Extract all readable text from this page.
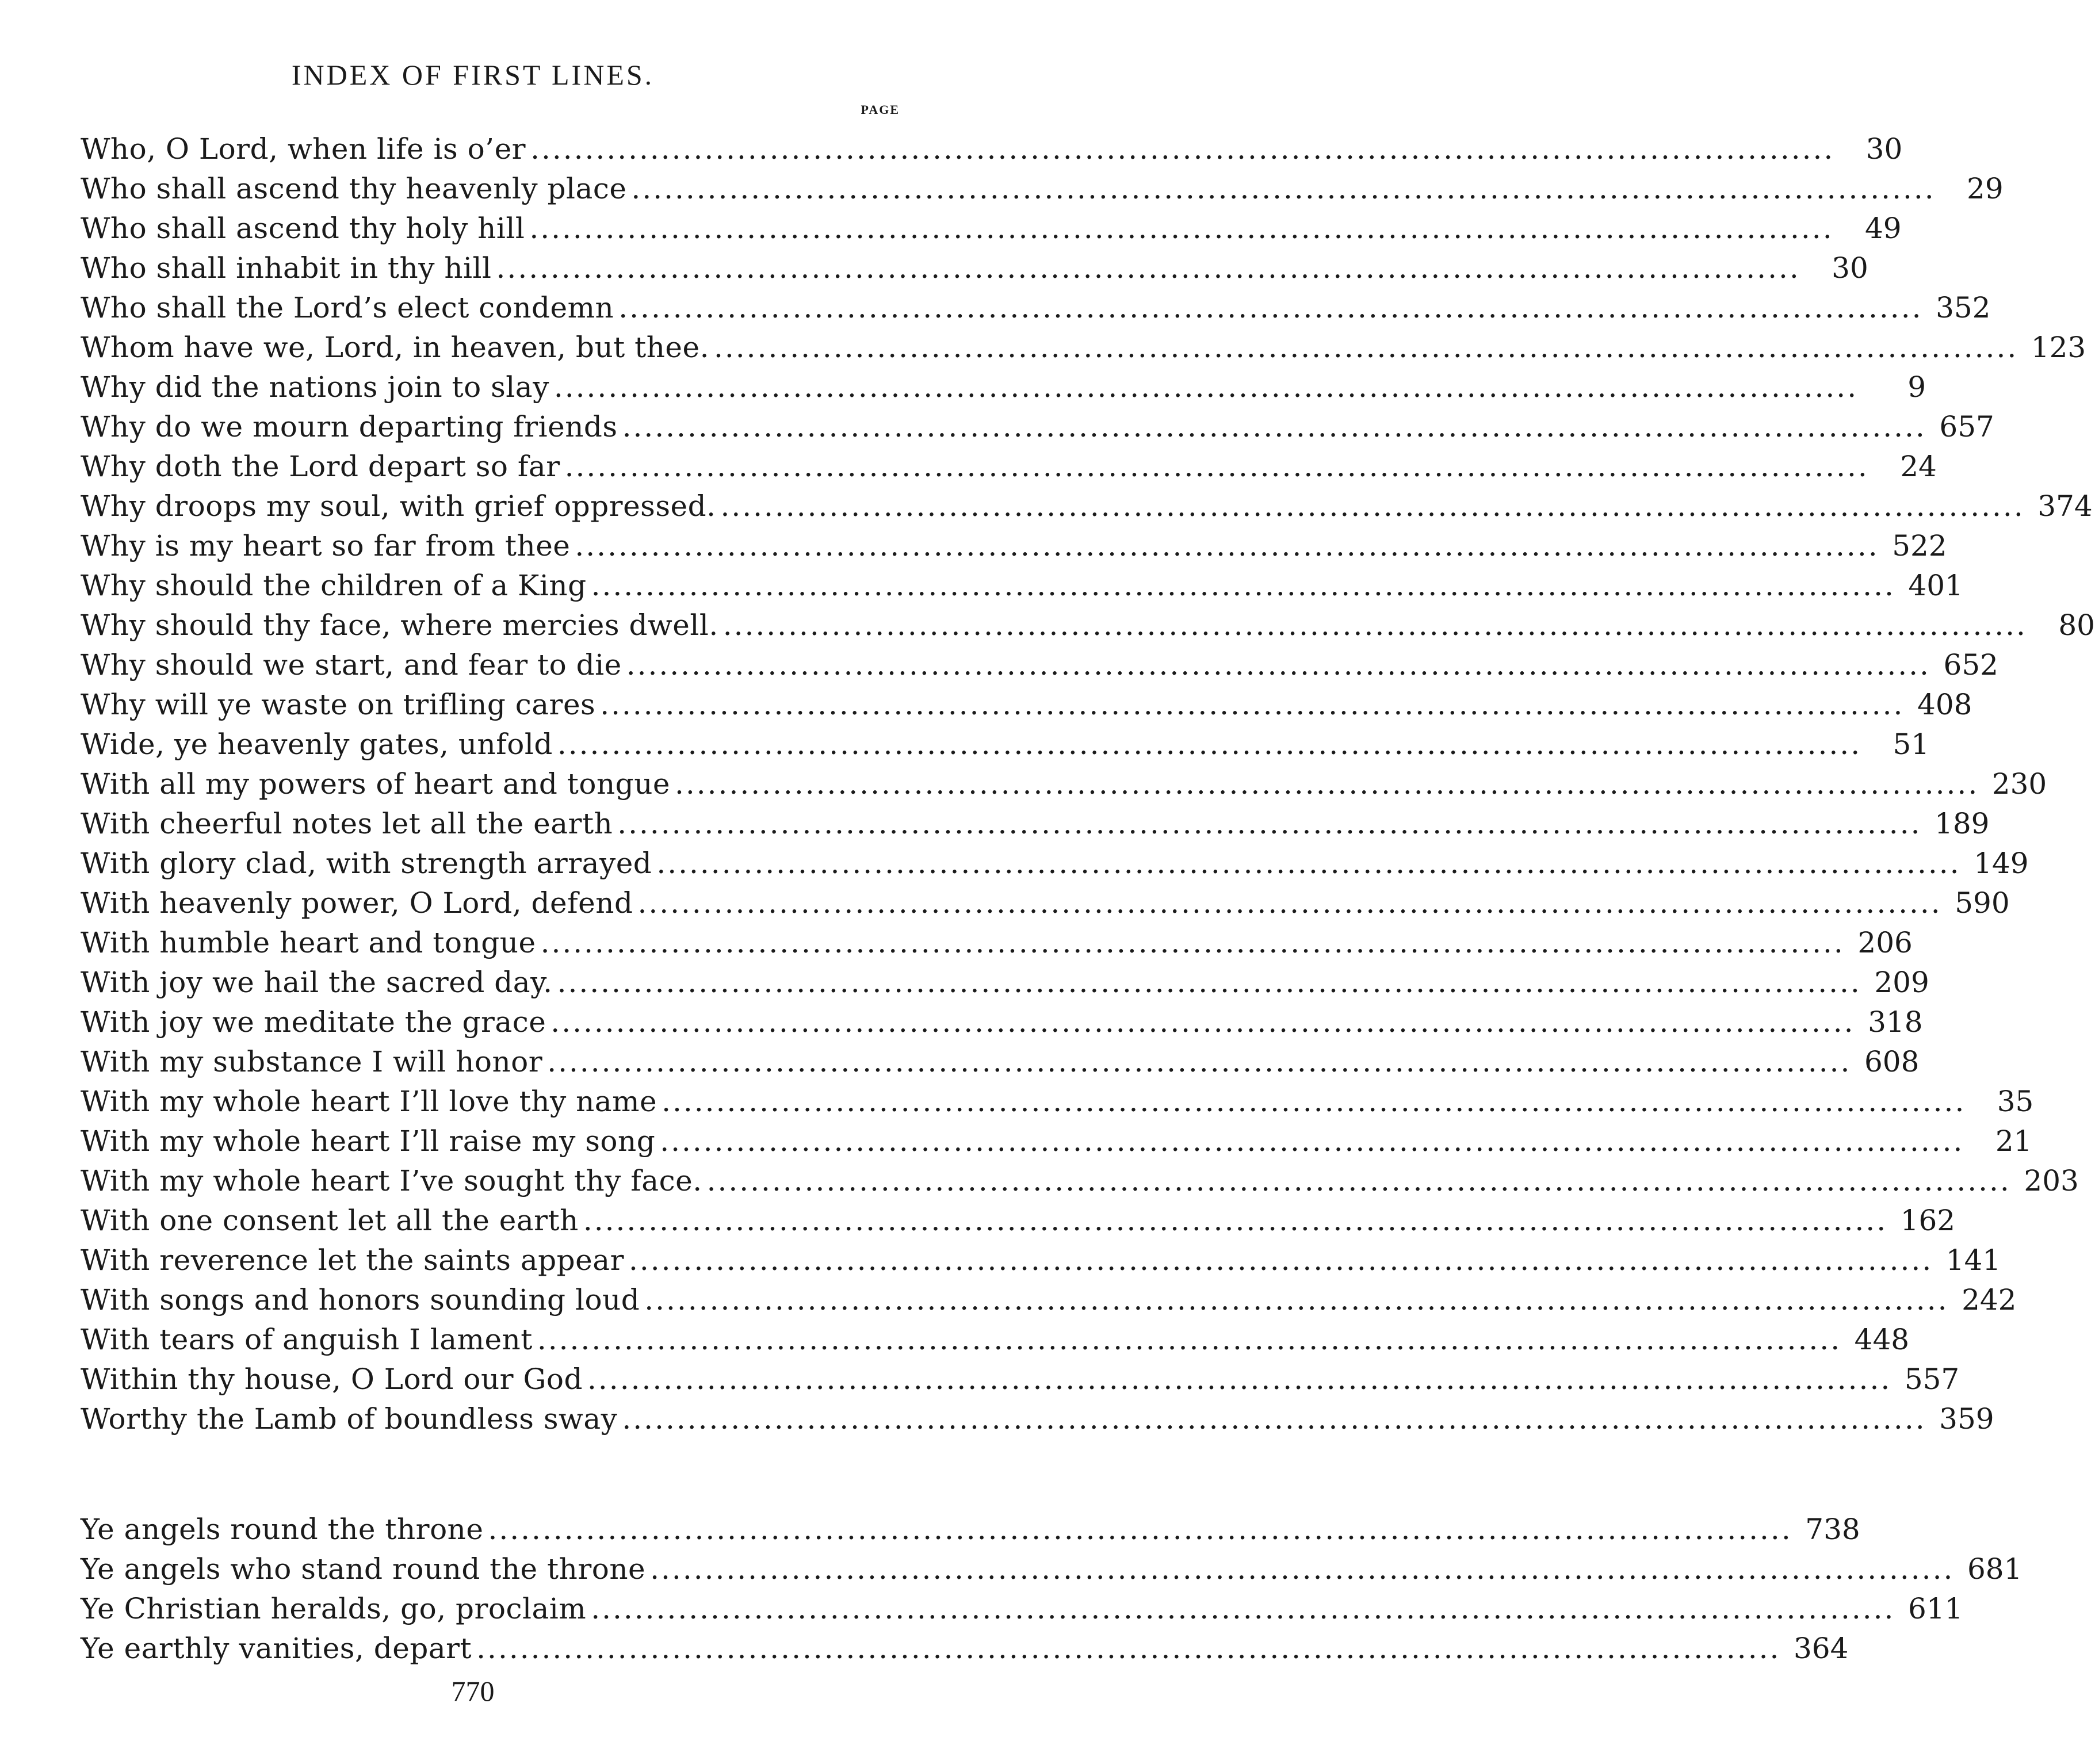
INDEX OF FIRST LINES.
PAGE
Who, O Lord, when life is o’er ........................................................................................................................	30
Who shall ascend thy heavenly place ........................................................................................................................	29
Who shall ascend thy holy hill ........................................................................................................................	49
Who shall inhabit in thy hill ........................................................................................................................	30
Who shall the Lord’s elect condemn ........................................................................................................................ 352
Whom have we, Lord, in heaven, but thee. ........................................................................................................................ 123
Why did the nations join to slay ........................................................................................................................	9
Why do we mourn departing friends ........................................................................................................................ 657
Why doth the Lord depart so far ........................................................................................................................	24
Why droops my soul, with grief oppressed. ........................................................................................................................ 374
Why is my heart so far from thee ........................................................................................................................ 522
Why should the children of a King ........................................................................................................................ 401
Why should thy face, where mercies dwell. ........................................................................................................................	80
Why should we start, and fear to die ........................................................................................................................ 652
Why will ye waste on trifling cares ........................................................................................................................ 408
Wide, ye heavenly gates, unfold ........................................................................................................................	51
With all my powers of heart and tongue ........................................................................................................................ 230
With cheerful notes let all the earth ........................................................................................................................ 189
With glory clad, with strength arrayed ........................................................................................................................ 149
With heavenly power, O Lord, defend ........................................................................................................................ 590
With humble heart and tongue ........................................................................................................................ 206
With joy we hail the sacred day. ........................................................................................................................ 209
With joy we meditate the grace ........................................................................................................................ 318
With my substance I will honor ........................................................................................................................ 608
With my whole heart I’ll love thy name ........................................................................................................................	35
With my whole heart I’ll raise my song ........................................................................................................................	21
With my whole heart I’ve sought thy face. ........................................................................................................................ 203
With one consent let all the earth ........................................................................................................................ 162
With reverence let the saints appear ........................................................................................................................ 141
With songs and honors sounding loud ........................................................................................................................ 242
With tears of anguish I lament ........................................................................................................................ 448
Within thy house, O Lord our God ........................................................................................................................ 557
Worthy the Lamb of boundless sway ........................................................................................................................ 359
Ye angels round the throne ........................................................................................................................ 738
Ye angels who stand round the throne ........................................................................................................................ 681
Ye Christian heralds, go, proclaim ........................................................................................................................ 611
Ye earthly vanities, depart ........................................................................................................................ 364
770
